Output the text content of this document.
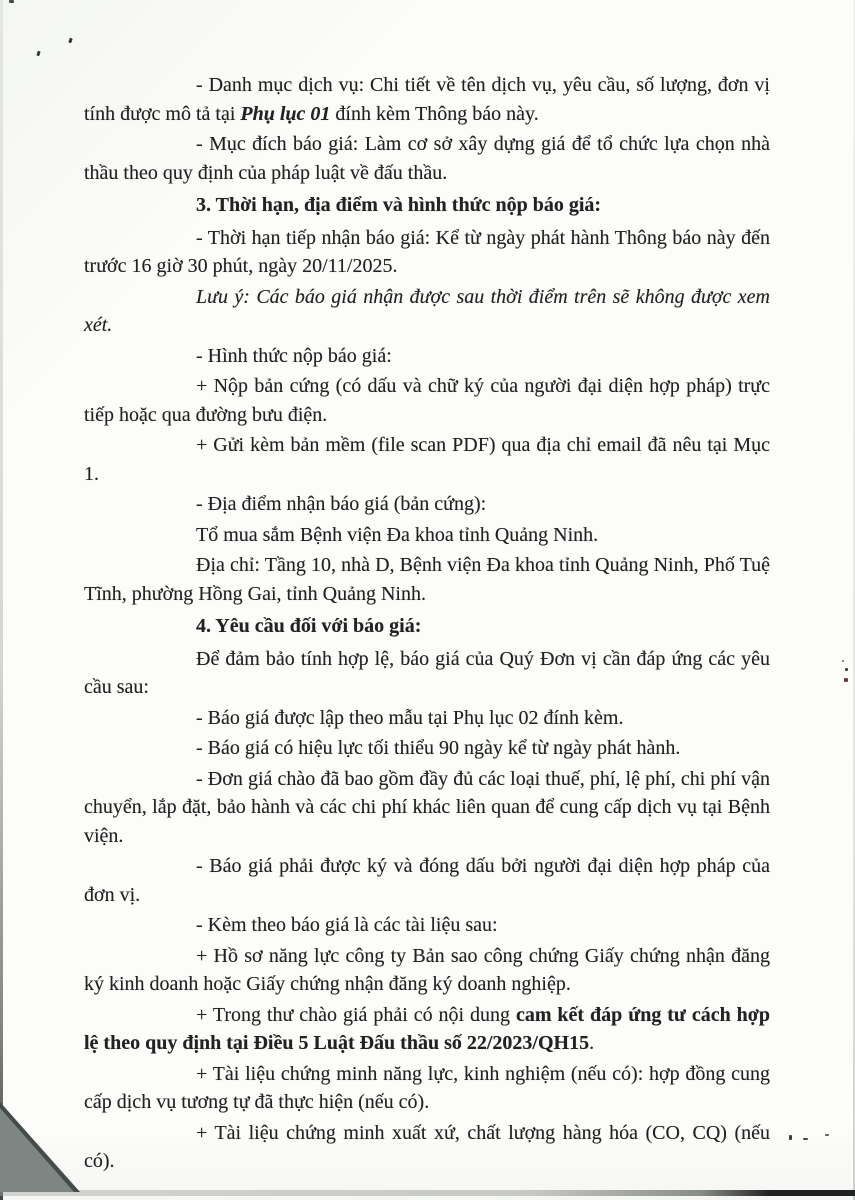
- Danh mục dịch vụ: Chi tiết về tên dịch vụ, yêu cầu, số lượng, đơn vị tính được mô tả tại Phụ lục 01 đính kèm Thông báo này.

- Mục đích báo giá: Làm cơ sở xây dựng giá để tổ chức lựa chọn nhà thầu theo quy định của pháp luật về đấu thầu.

3. Thời hạn, địa điểm và hình thức nộp báo giá:

- Thời hạn tiếp nhận báo giá: Kể từ ngày phát hành Thông báo này đến trước 16 giờ 30 phút, ngày 20/11/2025.

Lưu ý: Các báo giá nhận được sau thời điểm trên sẽ không được xem xét.

- Hình thức nộp báo giá:

+ Nộp bản cứng (có dấu và chữ ký của người đại diện hợp pháp) trực tiếp hoặc qua đường bưu điện.

+ Gửi kèm bản mềm (file scan PDF) qua địa chỉ email đã nêu tại Mục 1.

- Địa điểm nhận báo giá (bản cứng):

Tổ mua sắm Bệnh viện Đa khoa tỉnh Quảng Ninh.

Địa chỉ: Tầng 10, nhà D, Bệnh viện Đa khoa tỉnh Quảng Ninh, Phố Tuệ Tĩnh, phường Hồng Gai, tỉnh Quảng Ninh.

4. Yêu cầu đối với báo giá:

Để đảm bảo tính hợp lệ, báo giá của Quý Đơn vị cần đáp ứng các yêu cầu sau:

- Báo giá được lập theo mẫu tại Phụ lục 02 đính kèm.

- Báo giá có hiệu lực tối thiểu 90 ngày kể từ ngày phát hành.

- Đơn giá chào đã bao gồm đầy đủ các loại thuế, phí, lệ phí, chi phí vận chuyển, lắp đặt, bảo hành và các chi phí khác liên quan để cung cấp dịch vụ tại Bệnh viện.

- Báo giá phải được ký và đóng dấu bởi người đại diện hợp pháp của đơn vị.

- Kèm theo báo giá là các tài liệu sau:

+ Hồ sơ năng lực công ty Bản sao công chứng Giấy chứng nhận đăng ký kinh doanh hoặc Giấy chứng nhận đăng ký doanh nghiệp.

+ Trong thư chào giá phải có nội dung cam kết đáp ứng tư cách hợp lệ theo quy định tại Điều 5 Luật Đấu thầu số 22/2023/QH15.

+ Tài liệu chứng minh năng lực, kinh nghiệm (nếu có): hợp đồng cung cấp dịch vụ tương tự đã thực hiện (nếu có).

+ Tài liệu chứng minh xuất xứ, chất lượng hàng hóa (CO, CQ) (nếu có).
